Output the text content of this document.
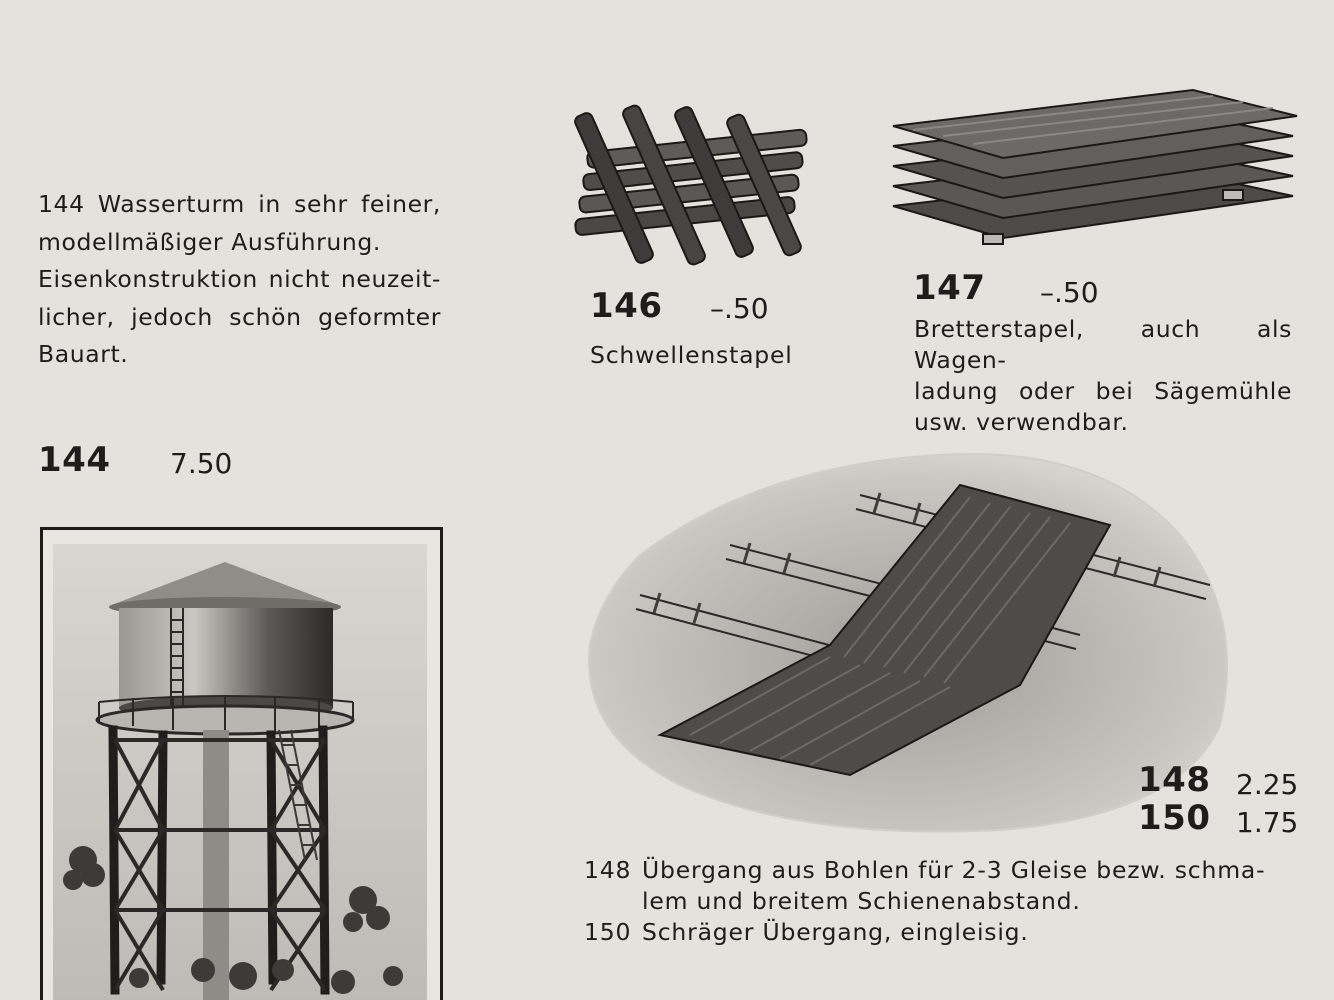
144 Wasserturm in sehr feiner,

modellmäßiger Ausführung.

Eisenkonstruktion nicht neuzeit-

licher, jedoch schön geformter

Bauart.

144 7.50
146 –.50
Schwellenstapel
147 –.50

Bretterstapel, auch als Wagen-

ladung oder bei Sägemühle

usw. verwendbar.

148 2.25
150 1.75
148 Übergang aus Bohlen für 2-3 Gleise bezw. schma-
lem und breitem Schienenabstand.
150 Schräger Übergang, eingleisig.
